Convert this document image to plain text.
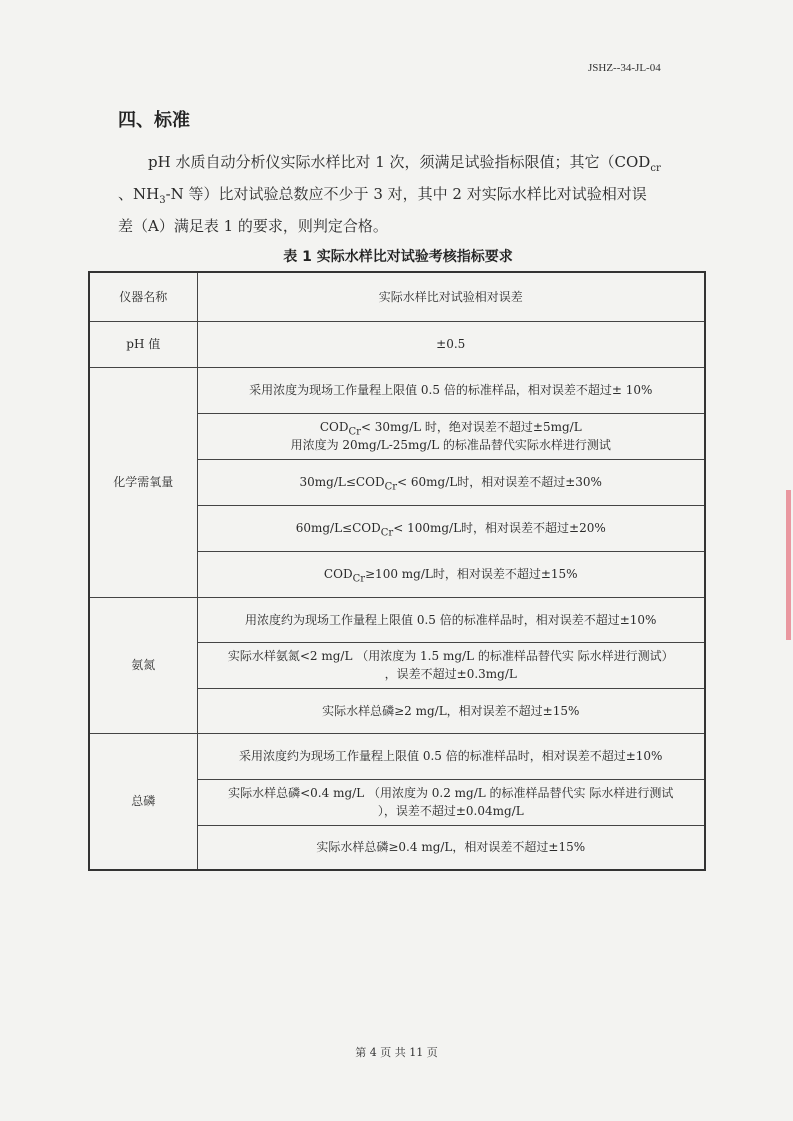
JSHZ--34-JL-04
四、标准
pH 水质自动分析仪实际水样比对 1 次，须满足试验指标限值；其它（$COD_{cr}$
、$NH_3-N$ 等）比对试验总数应不少于 3 对，其中 2 对实际水样比对试验相对误
差（A）满足表 1 的要求，则判定合格。
表 1 实际水样比对试验考核指标要求
仪器名称	实际水样比对试验相对误差
pH 值	±0.5
化学需氧量	采用浓度为现场工作量程上限值 0.5 倍的标准样品，相对误差不超过± 10%
	$COD_{Cr}< 30mg/L$ 时，绝对误差不超过±5mg/L
用浓度为 20mg/L-25mg/L 的标准品替代实际水样进行测试
	$30mg/L\le COD_{Cr}< 60mg/L$时，相对误差不超过±30%
	$60mg/L\le COD_{Cr}< 100mg/L$时，相对误差不超过±20%
	$COD_{Cr}\ge 100$ mg/L时，相对误差不超过±15%
氨氮	用浓度约为现场工作量程上限值 0.5 倍的标准样品时，相对误差不超过±10%
	实际水样氨氮<2 mg/L （用浓度为 1.5 mg/L 的标准样品替代实 际水样进行测试）
，误差不超过±0.3mg/L
	实际水样总磷≥2 mg/L，相对误差不超过±15%
总磷	采用浓度约为现场工作量程上限值 0.5 倍的标准样品时，相对误差不超过±10%
	实际水样总磷<0.4 mg/L （用浓度为 0.2 mg/L 的标准样品替代实 际水样进行测试
），误差不超过±0.04mg/L
	实际水样总磷≥0.4 mg/L，相对误差不超过±15%
第 4 页 共 11 页
